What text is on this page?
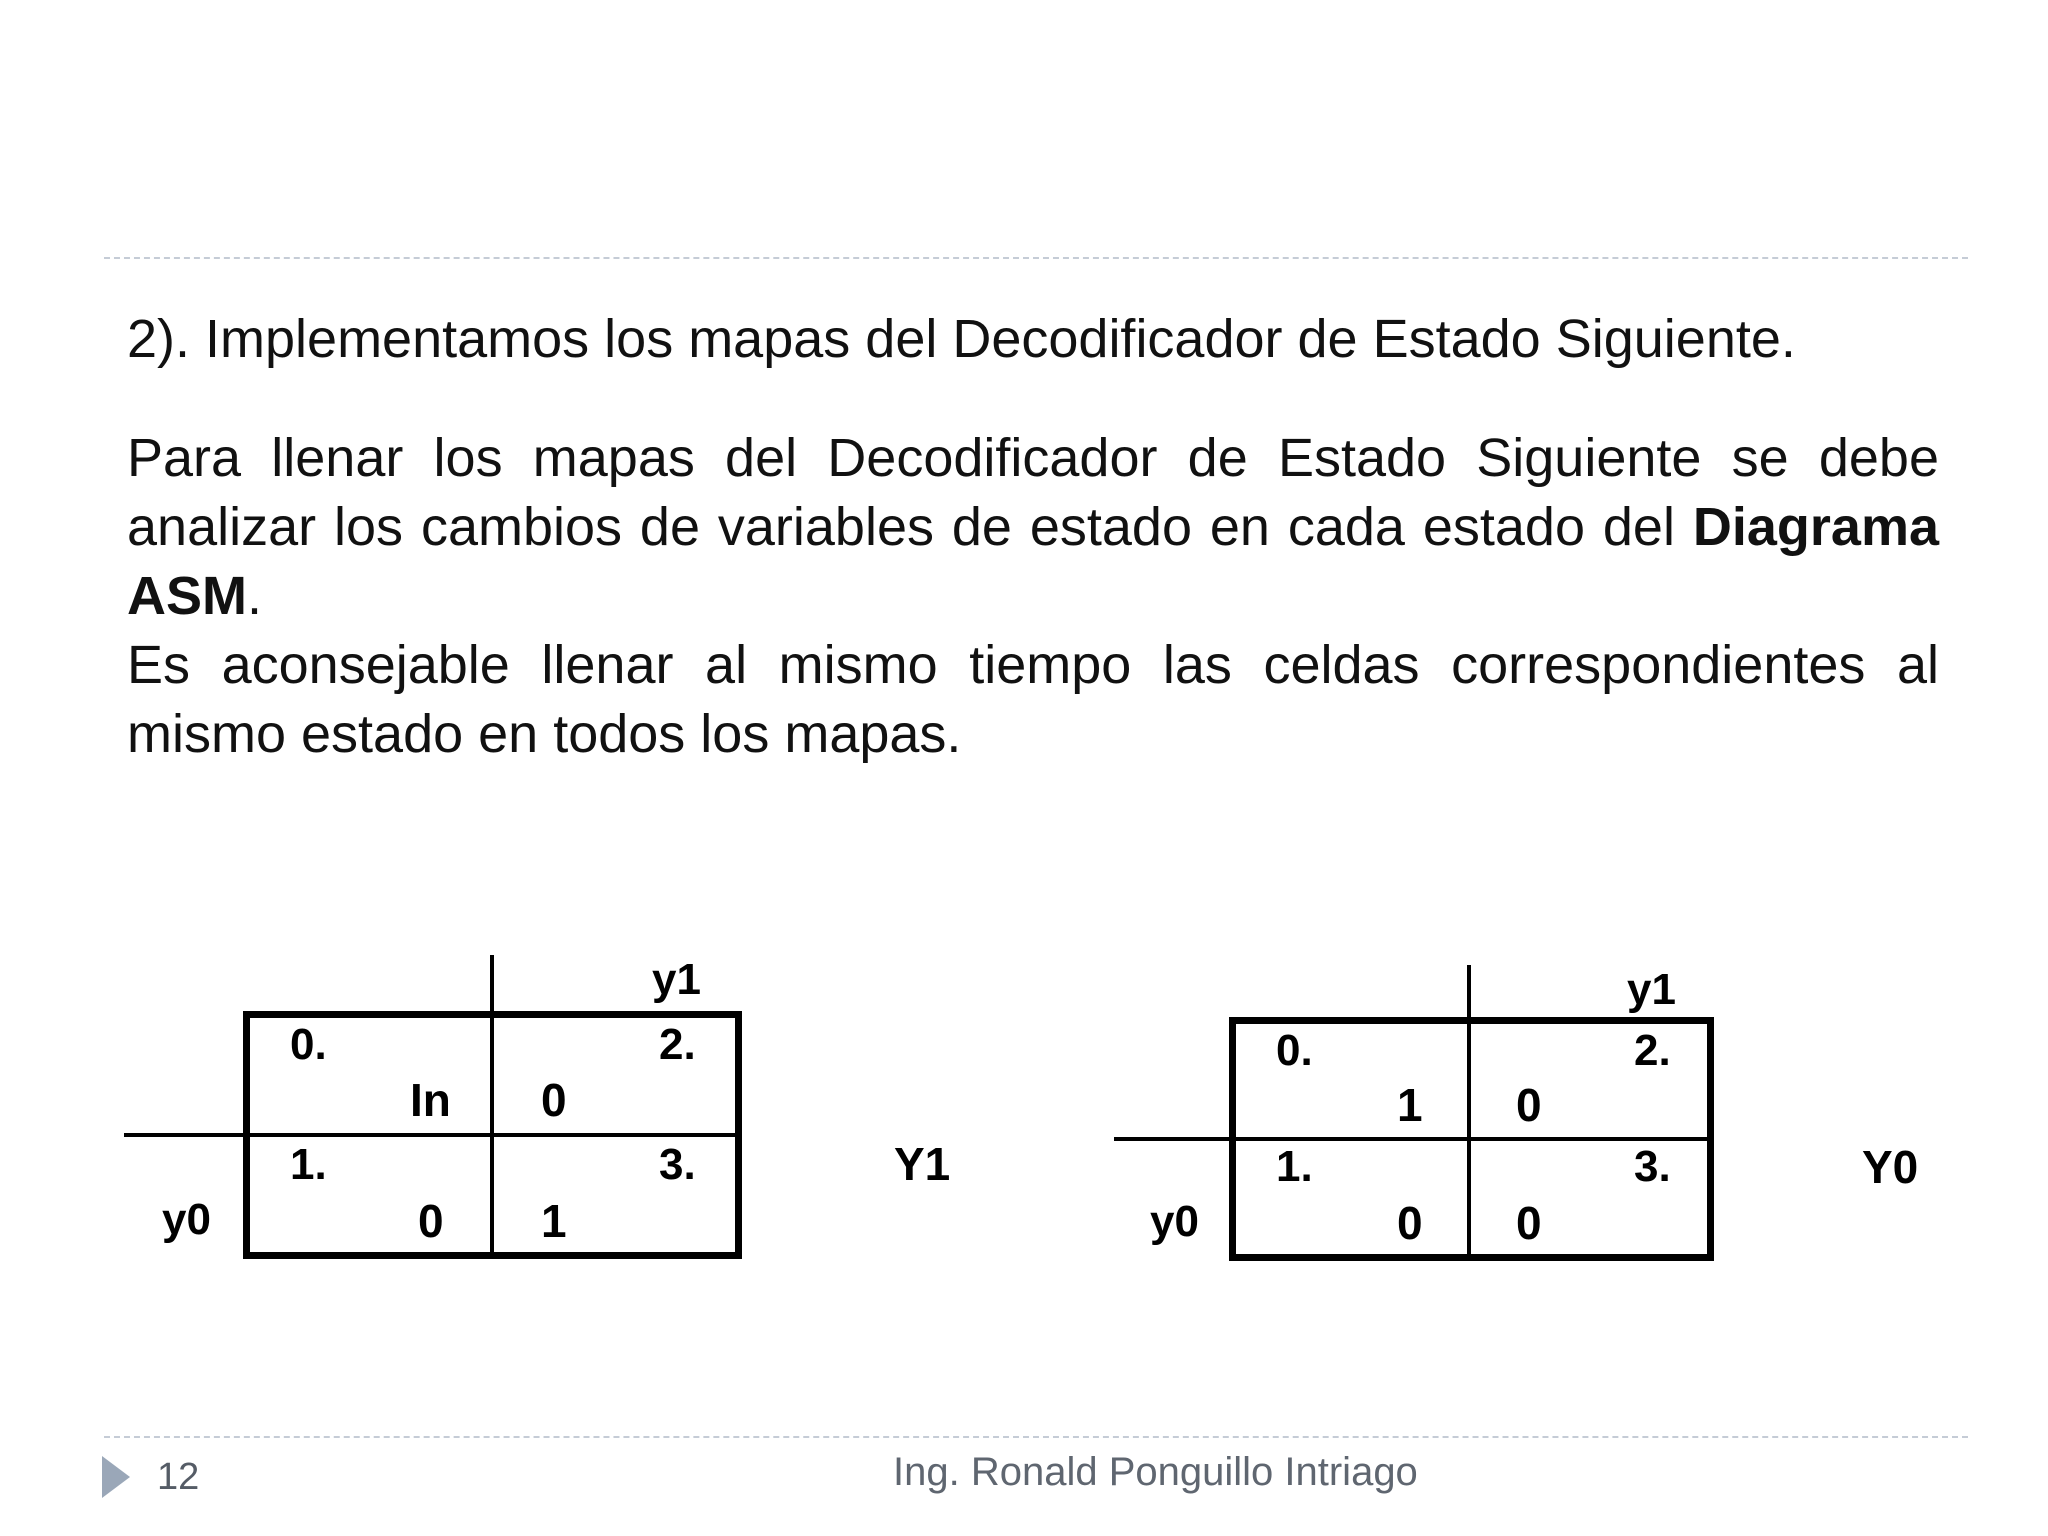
2). Implementamos los mapas del Decodificador de Estado Siguiente.

Para llenar los mapas del Decodificador de Estado Siguiente se debe analizar los cambios de variables de estado en cada estado del Diagrama ASM.

Es aconsejable llenar al mismo tiempo las celdas correspondientes al mismo estado en todos los mapas.

y1
y0
0.
In
2.
0
1.
0
3.
1
Y1
y1
y0
0.
1
2.
0
1.
0
3.
0
Y0
12	Ing. Ronald Ponguillo Intriago
